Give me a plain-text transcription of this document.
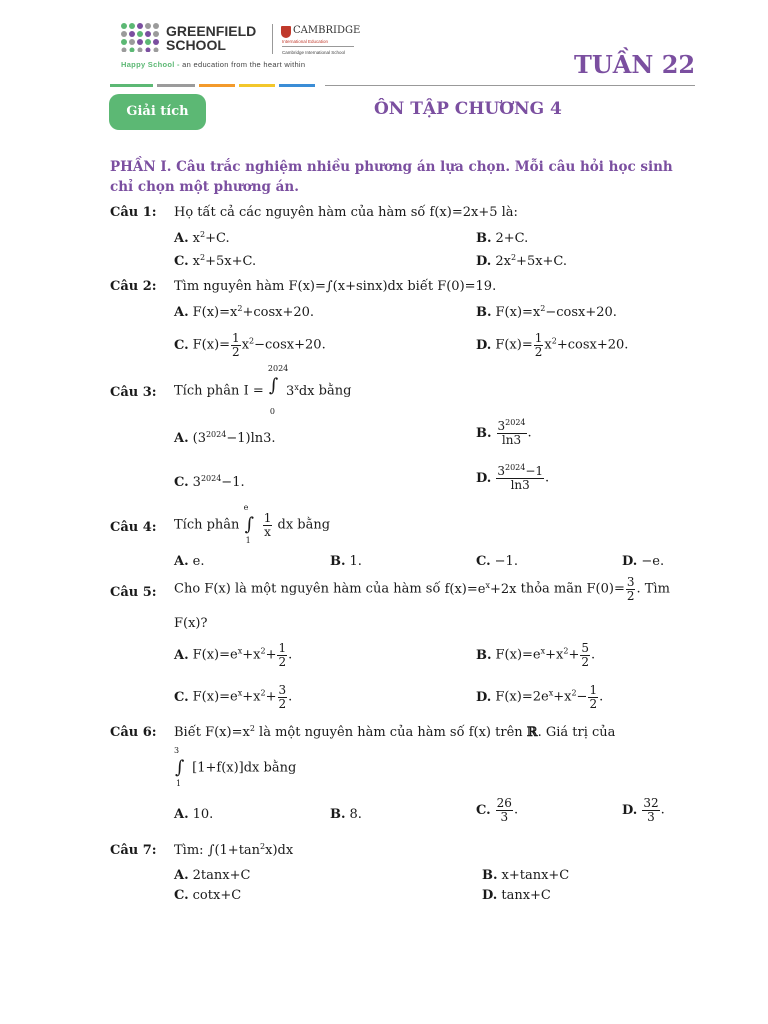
GREENFIELD
SCHOOL
CAMBRIDGE
International Education
Cambridge International School
Happy School - an education from the heart within	TUẦN 22
Giải tích	ÔN TẬP CHƯƠNG 4
PHẦN I. Câu trắc nghiệm nhiều phương án lựa chọn. Mỗi câu hỏi học sinh chỉ chọn một phương án.
Câu 1: Họ tất cả các nguyên hàm của hàm số f(x)=2x+5 là:
A. $x^2+C$.	B. 2+C.
C. $x^2+5x+C$.	D. $2x^2+5x+C$.
Câu 2: Tìm nguyên hàm F(x)=∫(x+sinx)dx biết F(0)=19.
A. $F(x)=x^2+\cos x+20$.	B. $F(x)=x^2-\cos x+20$.
C. $F(x)= \frac{1}{2} x^2-\cos x+20$.	D. $F(x)= \frac{1}{2} x^2+\cos x+20$.
Câu 3: Tích phân I =
2024
∫
0
3$^x$dx bằng
A. $(3^{2024}-1)\ln 3$.	B. $\frac{3^{2024}}{\ln 3}$ .
C. $3^{2024}-1$.	D. $\frac{3^{2024}-1}{\ln 3}$ .
Câu 4: Tích phân
e
∫
1

$\frac{1}{x}$ dx bằng
A. e.	B. 1.	C. −1.	D. −e.
Câu 5: Cho F(x) là một nguyên hàm của hàm số $f(x)=e^x+2x$ thỏa mãn $F(0)= \frac{3}{2}$ . Tìm
F(x)?
A. $F(x)=e^x+x^2+ \frac{1}{2}$ .	B. $F(x)=e^x+x^2+ \frac{5}{2}$ .
C. $F(x)=e^x+x^2+ \frac{3}{2}$ .	D. $F(x)=2e^x+x^2- \frac{1}{2}$ .
Câu 6: Biết $F(x)=x^2$ là một nguyên hàm của hàm số f(x) trên ℝ. Giá trị của
3
∫
1
[1+f(x)]dx bằng
A. 10.	B. 8.	C. $\frac{26}{3}$ .	D. $\frac{32}{3}$ .
Câu 7: Tìm: $\int(1+\tan^2x)dx$
A. 2tanx+C	B. x+tanx+C
C. cotx+C	D. tanx+C
